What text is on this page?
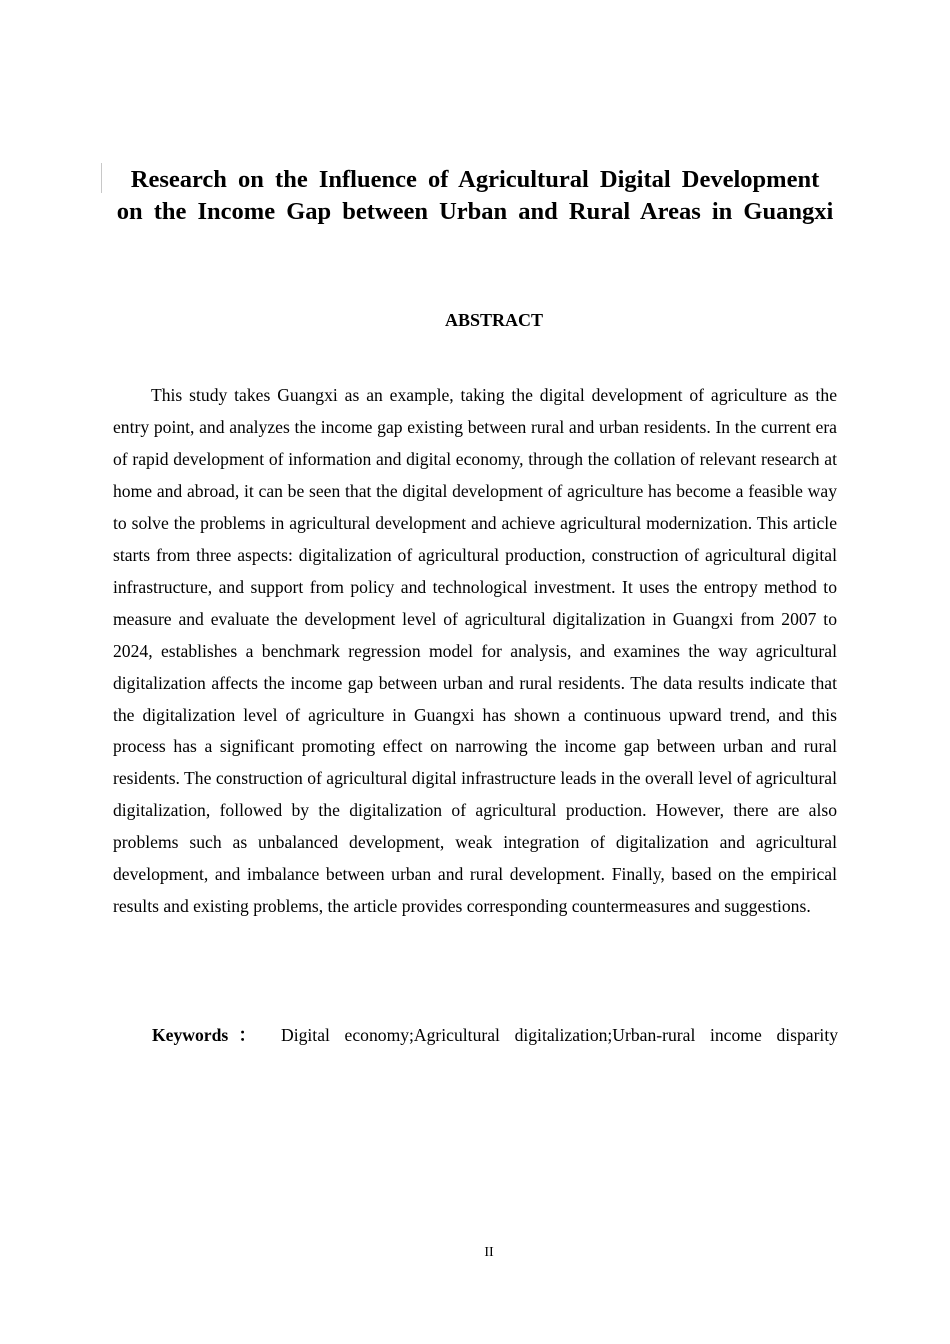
Research on the Influence of Agricultural Digital Development on the Income Gap between Urban and Rural Areas in Guangxi
ABSTRACT

This study takes Guangxi as an example, taking the digital development of agriculture as the entry point, and analyzes the income gap existing between rural and urban residents. In the current era of rapid development of information and digital economy, through the collation of relevant research at home and abroad, it can be seen that the digital development of agriculture has become a feasible way to solve the problems in agricultural development and achieve agricultural modernization. This article starts from three aspects: digitalization of agricultural production, construction of agricultural digital infrastructure, and support from policy and technological investment. It uses the entropy method to measure and evaluate the development level of agricultural digitalization in Guangxi from 2007 to 2024, establishes a benchmark regression model for analysis, and examines the way agricultural digitalization affects the income gap between urban and rural residents. The data results indicate that the digitalization level of agriculture in Guangxi has shown a continuous upward trend, and this process has a significant promoting effect on narrowing the income gap between urban and rural residents. The construction of agricultural digital infrastructure leads in the overall level of agricultural digitalization, followed by the digitalization of agricultural production. However, there are also problems such as unbalanced development, weak integration of digitalization and agricultural development, and imbalance between urban and rural development. Finally, based on the empirical results and existing problems, the article provides corresponding countermeasures and suggestions.

Keywords： Digital economy;Agricultural digitalization;Urban-rural income disparity

II
